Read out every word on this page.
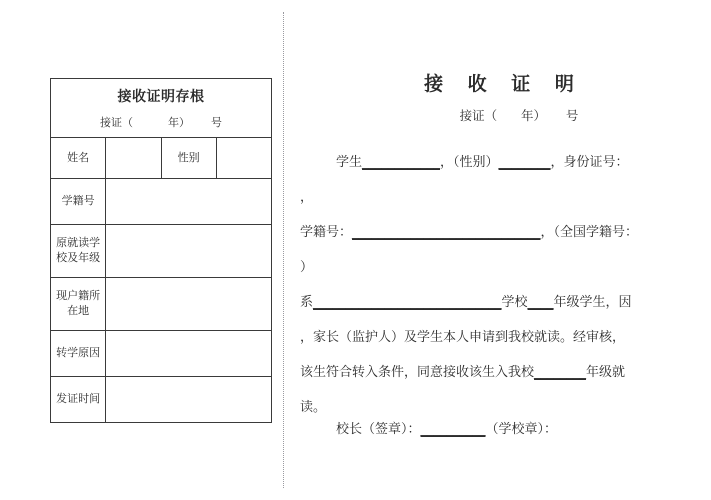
接收证明存根
接证（          年）      号			

姓名		性别	
学籍号			
原就读学 校及年级			
现户籍所 在地			
转学原因			
发证时间			
接 收 证 明
接证（      年）     号

学生____________，（性别）________，身份证号：

，

学籍号：_____________________________，（全国学籍号：

）

系_____________________________学校____年级学生，因

，家长（监护人）及学生本人申请到我校就读。经审核，

该生符合转入条件，同意接收该生入我校________年级就

读。

校长（签章）：__________（学校章）：
